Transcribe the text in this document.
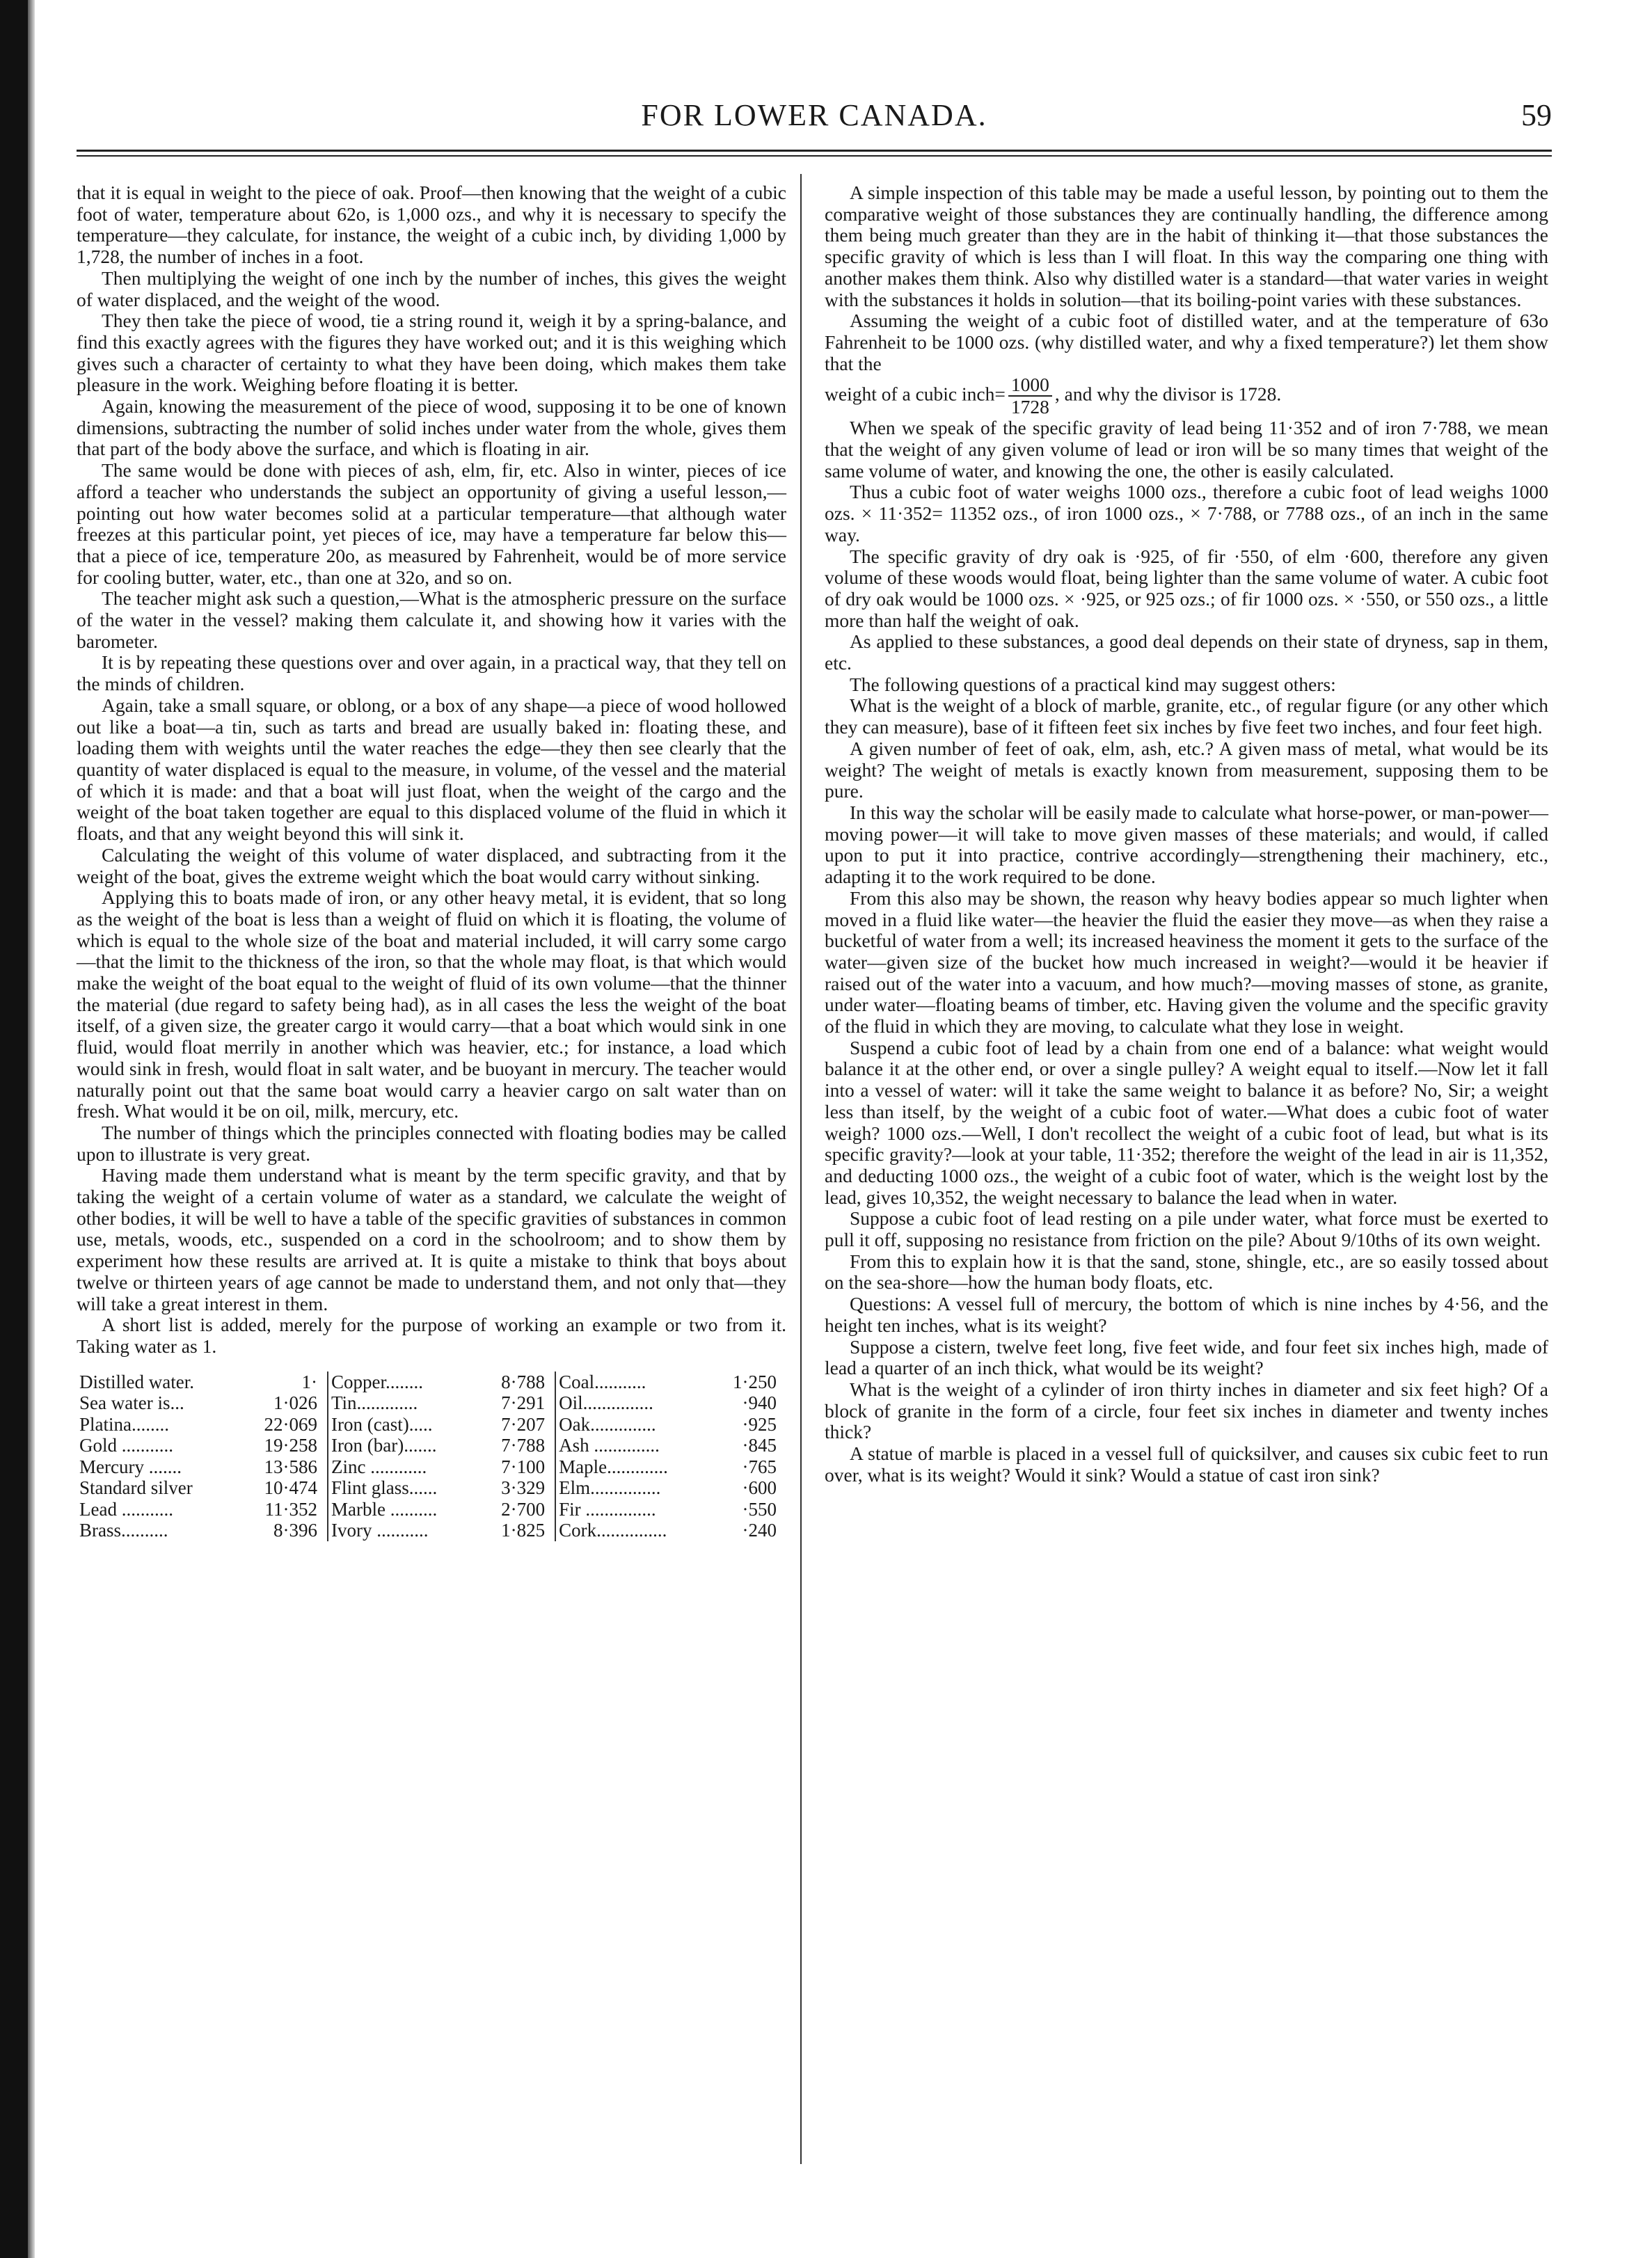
FOR LOWER CANADA.	59

that it is equal in weight to the piece of oak. Proof—then knowing that the weight of a cubic foot of water, temperature about 62o, is 1,000 ozs., and why it is necessary to specify the temperature—they calculate, for instance, the weight of a cubic inch, by dividing 1,000 by 1,728, the number of inches in a foot.

Then multiplying the weight of one inch by the number of inches, this gives the weight of water displaced, and the weight of the wood.

They then take the piece of wood, tie a string round it, weigh it by a spring-balance, and find this exactly agrees with the figures they have worked out; and it is this weighing which gives such a character of certainty to what they have been doing, which makes them take pleasure in the work. Weighing before floating it is better.

Again, knowing the measurement of the piece of wood, supposing it to be one of known dimensions, subtracting the number of solid inches under water from the whole, gives them that part of the body above the surface, and which is floating in air.

The same would be done with pieces of ash, elm, fir, etc. Also in winter, pieces of ice afford a teacher who understands the subject an opportunity of giving a useful lesson,—pointing out how water becomes solid at a particular temperature—that although water freezes at this particular point, yet pieces of ice, may have a temperature far below this—that a piece of ice, temperature 20o, as measured by Fahrenheit, would be of more service for cooling butter, water, etc., than one at 32o, and so on.

The teacher might ask such a question,—What is the atmospheric pressure on the surface of the water in the vessel? making them calculate it, and showing how it varies with the barometer.

It is by repeating these questions over and over again, in a practical way, that they tell on the minds of children.

Again, take a small square, or oblong, or a box of any shape—a piece of wood hollowed out like a boat—a tin, such as tarts and bread are usually baked in: floating these, and loading them with weights until the water reaches the edge—they then see clearly that the quantity of water displaced is equal to the measure, in volume, of the vessel and the material of which it is made: and that a boat will just float, when the weight of the cargo and the weight of the boat taken together are equal to this displaced volume of the fluid in which it floats, and that any weight beyond this will sink it.

Calculating the weight of this volume of water displaced, and subtracting from it the weight of the boat, gives the extreme weight which the boat would carry without sinking.

Applying this to boats made of iron, or any other heavy metal, it is evident, that so long as the weight of the boat is less than a weight of fluid on which it is floating, the volume of which is equal to the whole size of the boat and material included, it will carry some cargo—that the limit to the thickness of the iron, so that the whole may float, is that which would make the weight of the boat equal to the weight of fluid of its own volume—that the thinner the material (due regard to safety being had), as in all cases the less the weight of the boat itself, of a given size, the greater cargo it would carry—that a boat which would sink in one fluid, would float merrily in another which was heavier, etc.; for instance, a load which would sink in fresh, would float in salt water, and be buoyant in mercury. The teacher would naturally point out that the same boat would carry a heavier cargo on salt water than on fresh. What would it be on oil, milk, mercury, etc.

The number of things which the principles connected with floating bodies may be called upon to illustrate is very great.

Having made them understand what is meant by the term specific gravity, and that by taking the weight of a certain volume of water as a standard, we calculate the weight of other bodies, it will be well to have a table of the specific gravities of substances in common use, metals, woods, etc., suspended on a cord in the schoolroom; and to show them by experiment how these results are arrived at. It is quite a mistake to think that boys about twelve or thirteen years of age cannot be made to understand them, and not only that—they will take a great interest in them.

A short list is added, merely for the purpose of working an example or two from it. Taking water as 1.

Distilled water.	1·	Copper........	8·788	Coal...........	1·250
Sea water is...	1·026	Tin.............	7·291	Oil...............	·940
Platina........	22·069	Iron (cast).....	7·207	Oak..............	·925
Gold ...........	19·258	Iron (bar).......	7·788	Ash ..............	·845
Mercury .......	13·586	Zinc ............	7·100	Maple.............	·765
Standard silver	10·474	Flint glass......	3·329	Elm...............	·600
Lead ...........	11·352	Marble ..........	2·700	Fir ...............	·550
Brass..........	8·396	Ivory ...........	1·825	Cork...............	·240

A simple inspection of this table may be made a useful lesson, by pointing out to them the comparative weight of those substances they are continually handling, the difference among them being much greater than they are in the habit of thinking it—that those substances the specific gravity of which is less than I will float. In this way the comparing one thing with another makes them think. Also why distilled water is a standard—that water varies in weight with the substances it holds in solution—that its boiling-point varies with these substances.

Assuming the weight of a cubic foot of distilled water, and at the temperature of 63o Fahrenheit to be 1000 ozs. (why distilled water, and why a fixed temperature?) let them show that the

weight of a cubic inch= $\frac{1000}{1728}$ , and why the divisor is 1728.

When we speak of the specific gravity of lead being 11·352 and of iron 7·788, we mean that the weight of any given volume of lead or iron will be so many times that weight of the same volume of water, and knowing the one, the other is easily calculated.

Thus a cubic foot of water weighs 1000 ozs., therefore a cubic foot of lead weighs 1000 ozs. × 11·352= 11352 ozs., of iron 1000 ozs., × 7·788, or 7788 ozs., of an inch in the same way.

The specific gravity of dry oak is ·925, of fir ·550, of elm ·600, therefore any given volume of these woods would float, being lighter than the same volume of water. A cubic foot of dry oak would be 1000 ozs. × ·925, or 925 ozs.; of fir 1000 ozs. × ·550, or 550 ozs., a little more than half the weight of oak.

As applied to these substances, a good deal depends on their state of dryness, sap in them, etc.

The following questions of a practical kind may suggest others:

What is the weight of a block of marble, granite, etc., of regular figure (or any other which they can measure), base of it fifteen feet six inches by five feet two inches, and four feet high.

A given number of feet of oak, elm, ash, etc.? A given mass of metal, what would be its weight? The weight of metals is exactly known from measurement, supposing them to be pure.

In this way the scholar will be easily made to calculate what horse-power, or man-power—moving power—it will take to move given masses of these materials; and would, if called upon to put it into practice, contrive accordingly—strengthening their machinery, etc., adapting it to the work required to be done.

From this also may be shown, the reason why heavy bodies appear so much lighter when moved in a fluid like water—the heavier the fluid the easier they move—as when they raise a bucketful of water from a well; its increased heaviness the moment it gets to the surface of the water—given size of the bucket how much increased in weight?—would it be heavier if raised out of the water into a vacuum, and how much?—moving masses of stone, as granite, under water—floating beams of timber, etc. Having given the volume and the specific gravity of the fluid in which they are moving, to calculate what they lose in weight.

Suspend a cubic foot of lead by a chain from one end of a balance: what weight would balance it at the other end, or over a single pulley? A weight equal to itself.—Now let it fall into a vessel of water: will it take the same weight to balance it as before? No, Sir; a weight less than itself, by the weight of a cubic foot of water.—What does a cubic foot of water weigh? 1000 ozs.—Well, I don't recollect the weight of a cubic foot of lead, but what is its specific gravity?—look at your table, 11·352; therefore the weight of the lead in air is 11,352, and deducting 1000 ozs., the weight of a cubic foot of water, which is the weight lost by the lead, gives 10,352, the weight necessary to balance the lead when in water.

Suppose a cubic foot of lead resting on a pile under water, what force must be exerted to pull it off, supposing no resistance from friction on the pile? About 9/10ths of its own weight.

From this to explain how it is that the sand, stone, shingle, etc., are so easily tossed about on the sea-shore—how the human body floats, etc.

Questions: A vessel full of mercury, the bottom of which is nine inches by 4·56, and the height ten inches, what is its weight?

Suppose a cistern, twelve feet long, five feet wide, and four feet six inches high, made of lead a quarter of an inch thick, what would be its weight?

What is the weight of a cylinder of iron thirty inches in diameter and six feet high? Of a block of granite in the form of a circle, four feet six inches in diameter and twenty inches thick?

A statue of marble is placed in a vessel full of quicksilver, and causes six cubic feet to run over, what is its weight? Would it sink? Would a statue of cast iron sink?
